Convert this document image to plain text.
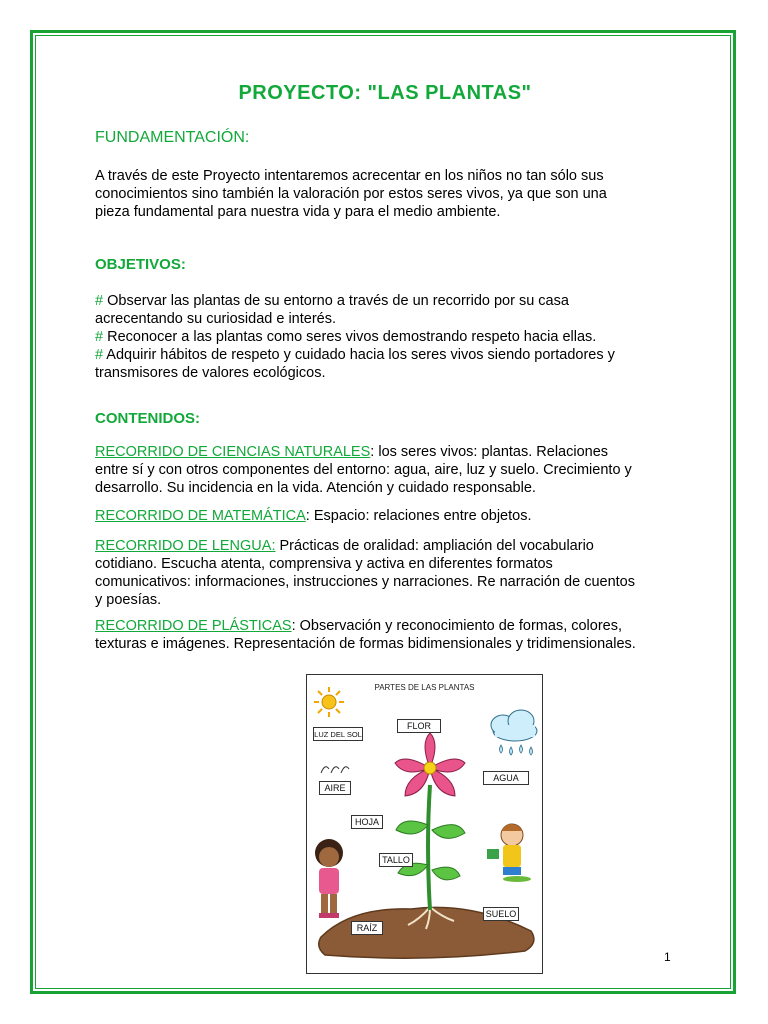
PROYECTO: "LAS PLANTAS"
FUNDAMENTACIÓN:
A través de este Proyecto intentaremos acrecentar en los niños no tan sólo sus
conocimientos sino también la valoración por estos seres vivos, ya que son una
pieza fundamental para nuestra vida y para el medio ambiente.
OBJETIVOS:
# Observar las plantas de su entorno a través de un recorrido por su casa
acrecentando su curiosidad e interés.
# Reconocer a las plantas como seres vivos demostrando respeto hacia ellas.
# Adquirir hábitos de respeto y cuidado hacia los seres vivos siendo portadores y
transmisores de valores ecológicos.
CONTENIDOS:
RECORRIDO DE CIENCIAS NATURALES: los seres vivos: plantas. Relaciones
entre sí y con otros componentes del entorno: agua, aire, luz y suelo. Crecimiento y
desarrollo. Su incidencia en la vida. Atención y cuidado responsable.
RECORRIDO DE MATEMÁTICA: Espacio: relaciones entre objetos.
RECORRIDO DE LENGUA: Prácticas de oralidad: ampliación del vocabulario
cotidiano. Escucha atenta, comprensiva y activa en diferentes formatos
comunicativos: informaciones, instrucciones y narraciones. Re narración de cuentos
y poesías.
RECORRIDO DE PLÁSTICAS: Observación y reconocimiento de formas, colores,
texturas e imágenes. Representación de formas bidimensionales y tridimensionales.
PARTES DE LAS PLANTAS
LUZ DEL SOL
FLOR
AGUA
AIRE
HOJA
TALLO
SUELO
RAÍZ
1
